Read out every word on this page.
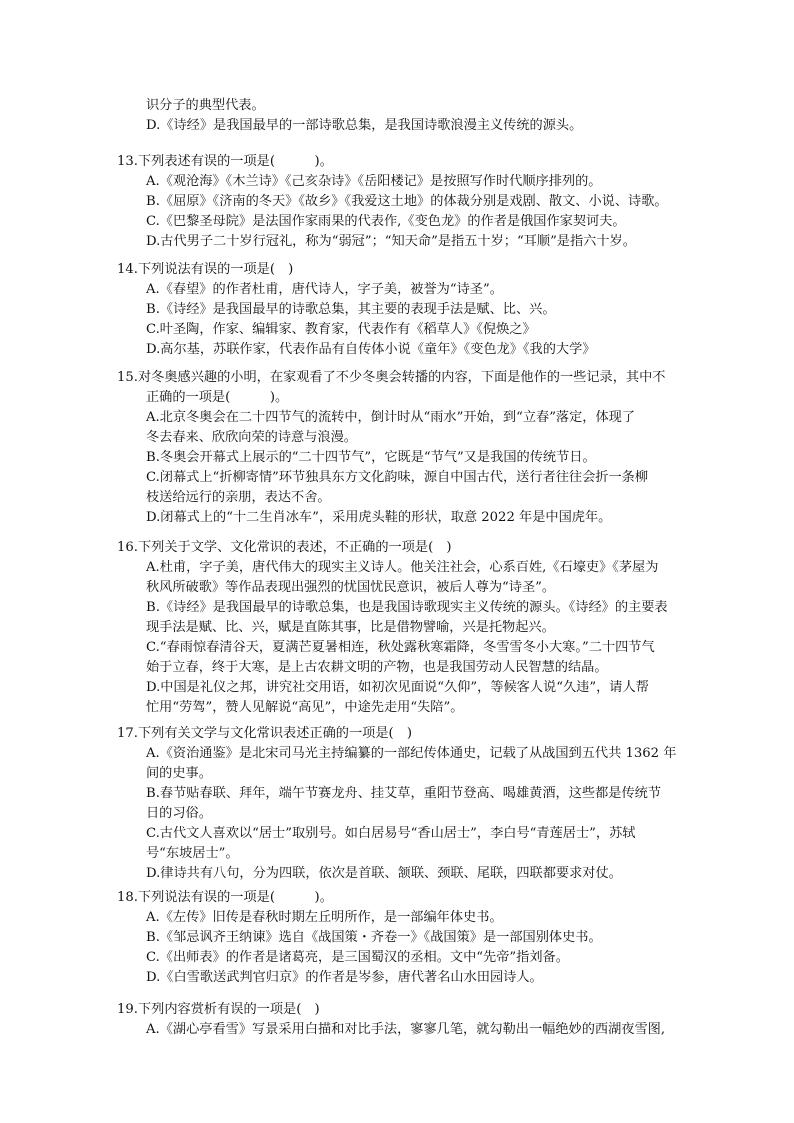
识分子的典型代表。
D.《诗经》是我国最早的一部诗歌总集，是我国诗歌浪漫主义传统的源头。
13.下列表述有误的一项是(　　　)。
A.《观沧海》《木兰诗》《己亥杂诗》《岳阳楼记》是按照写作时代顺序排列的。
B.《屈原》《济南的冬天》《故乡》《我爱这土地》的体裁分别是戏剧、散文、小说、诗歌。
C.《巴黎圣母院》是法国作家雨果的代表作,《变色龙》的作者是俄国作家契诃夫。
D.古代男子二十岁行冠礼，称为“弱冠”；“知天命”是指五十岁；“耳顺”是指六十岁。
14.下列说法有误的一项是(　)
A.《春望》的作者杜甫，唐代诗人，字子美，被誉为“诗圣”。
B.《诗经》是我国最早的诗歌总集，其主要的表现手法是赋、比、兴。
C.叶圣陶，作家、编辑家、教育家，代表作有《稻草人》《倪焕之》
D.高尔基，苏联作家，代表作品有自传体小说《童年》《变色龙》《我的大学》
15.对冬奥感兴趣的小明，在家观看了不少冬奥会转播的内容，下面是他作的一些记录，其中不
正确的一项是(　　　)。
A.北京冬奥会在二十四节气的流转中，倒计时从“雨水”开始，到“立春”落定，体现了
冬去春来、欣欣向荣的诗意与浪漫。
B.冬奥会开幕式上展示的“二十四节气”，它既是“节气”又是我国的传统节日。
C.闭幕式上“折柳寄情”环节独具东方文化韵味，源自中国古代，送行者往往会折一条柳
枝送给远行的亲朋，表达不舍。
D.闭幕式上的“十二生肖冰车”，采用虎头鞋的形状，取意 2022 年是中国虎年。
16.下列关于文学、文化常识的表述，不正确的一项是(　)
A.杜甫，字子美，唐代伟大的现实主义诗人。他关注社会，心系百姓,《石壕吏》《茅屋为
秋风所破歌》等作品表现出强烈的忧国忧民意识，被后人尊为“诗圣”。
B.《诗经》是我国最早的诗歌总集，也是我国诗歌现实主义传统的源头。《诗经》的主要表
现手法是赋、比、兴，赋是直陈其事，比是借物譬喻，兴是托物起兴。
C.“春雨惊春清谷天，夏满芒夏暑相连，秋处露秋寒霜降，冬雪雪冬小大寒。”二十四节气
始于立春，终于大寒，是上古农耕文明的产物，也是我国劳动人民智慧的结晶。
D.中国是礼仪之邦，讲究社交用语，如初次见面说“久仰”，等候客人说“久违”，请人帮
忙用“劳驾”，赞人见解说“高见”，中途先走用“失陪”。
17.下列有关文学与文化常识表述正确的一项是(　)
A.《资治通鉴》是北宋司马光主持编纂的一部纪传体通史，记载了从战国到五代共 1362 年
间的史事。
B.春节贴春联、拜年，端午节赛龙舟、挂艾草，重阳节登高、喝雄黄酒，这些都是传统节
日的习俗。
C.古代文人喜欢以“居士”取别号。如白居易号“香山居士”，李白号“青莲居士”，苏轼
号“东坡居士”。
D.律诗共有八句，分为四联，依次是首联、颔联、颈联、尾联，四联都要求对仗。
18.下列说法有误的一项是(　　　)。
A.《左传》旧传是春秋时期左丘明所作，是一部编年体史书。
B.《邹忌讽齐王纳谏》选自《战国策・齐卷一》《战国策》是一部国别体史书。
C.《出师表》的作者是诸葛亮，是三国蜀汉的丞相。文中“先帝”指刘备。
D.《白雪歌送武判官归京》的作者是岑参，唐代著名山水田园诗人。
19.下列内容赏析有误的一项是(　)
A.《湖心亭看雪》写景采用白描和对比手法，寥寥几笔，就勾勒出一幅绝妙的西湖夜雪图,
